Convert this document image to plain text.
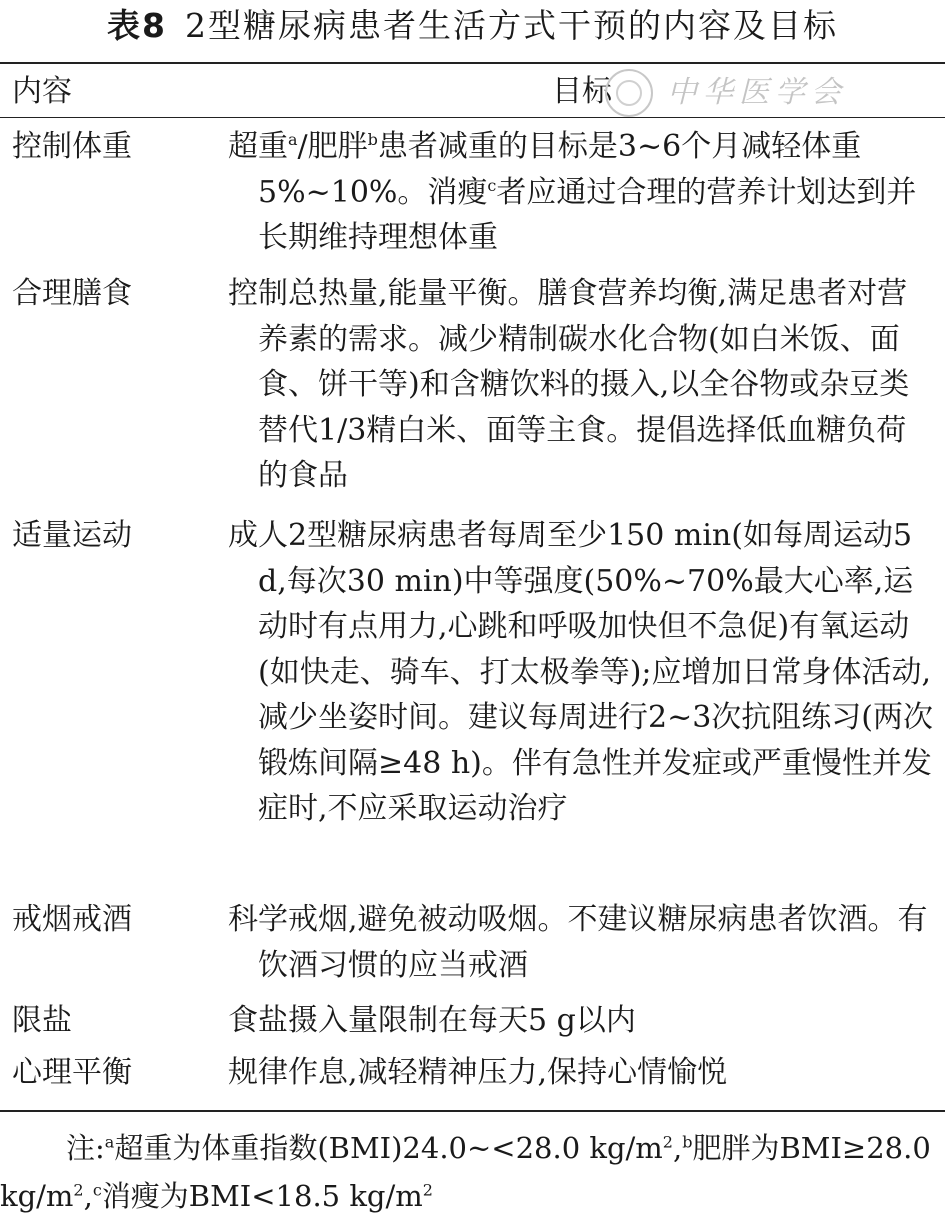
表8 2型糖尿病患者生活方式干预的内容及目标
内容	目标	中华医学会
控制体重	超重$^a$/肥胖$^b$患者减重的目标是3~6个月减轻体重5%~10%。消瘦$^c$者应通过合理的营养计划达到并长期维持理想体重
合理膳食	控制总热量,能量平衡。膳食营养均衡,满足患者对营养素的需求。减少精制碳水化合物(如白米饭、面食、饼干等)和含糖饮料的摄入,以全谷物或杂豆类替代1/3精白米、面等主食。提倡选择低血糖负荷的食品
适量运动	成人2型糖尿病患者每周至少150 min(如每周运动5 d,每次30 min)中等强度(50%~70%最大心率,运动时有点用力,心跳和呼吸加快但不急促)有氧运动(如快走、骑车、打太极拳等);应增加日常身体活动,减少坐姿时间。建议每周进行2~3次抗阻练习(两次锻炼间隔≥48 h)。伴有急性并发症或严重慢性并发症时,不应采取运动治疗
戒烟戒酒	科学戒烟,避免被动吸烟。不建议糖尿病患者饮酒。有饮酒习惯的应当戒酒
限盐	食盐摄入量限制在每天5 g以内
心理平衡	规律作息,减轻精神压力,保持心情愉悦
注:$^a$超重为体重指数(BMI)24.0~<28.0 $kg/m^2,^b$肥胖为BMI≥28.0 $kg/m^2,^c$消瘦为BMI<18.5 $kg/m^2$
